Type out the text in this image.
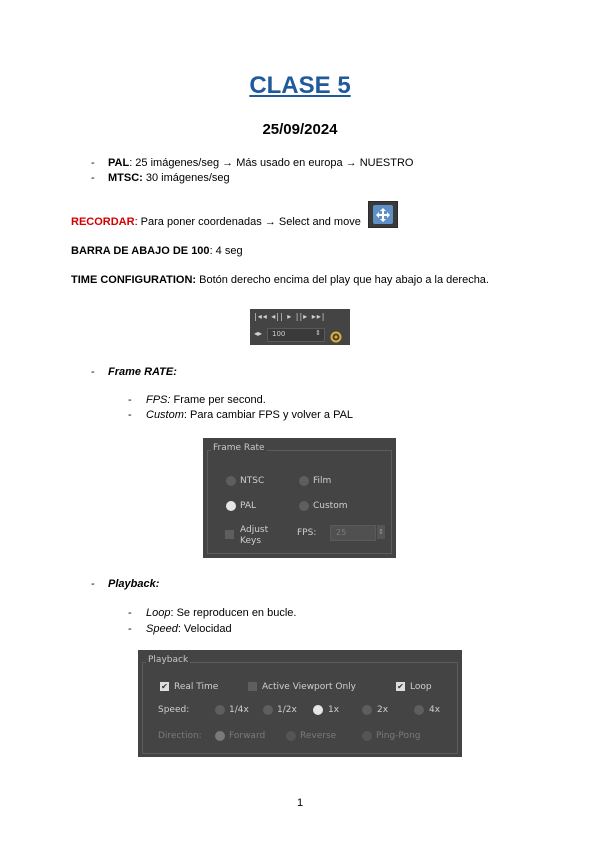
CLASE 5
25/09/2024
- PAL: 25 imágenes/seg → Más usado en europa → NUESTRO
- MTSC: 30 imágenes/seg
RECORDAR: Para poner coordenadas → Select and move
BARRA DE ABAJO DE 100: 4 seg
TIME CONFIGURATION: Botón derecho encima del play que hay abajo a la derecha.
|◂◂ ◂|| ▸ ||▸ ▸▸|
◂▸ 100	⇕
- Frame RATE:
- FPS: Frame per second.
- Custom: Para cambiar FPS y volver a PAL
Frame Rate
NTSC	Film
PAL	Custom
Adjust Keys
FPS: 25	⇕
- Playback:
- Loop: Se reproducen en bucle.
- Speed: Velocidad
Playback
✔ Real Time	Active Viewport Only	✔ Loop
Speed:	1/4x	1/2x	1x	2x	4x
Direction:	Forward	Reverse	Ping-Pong
1
